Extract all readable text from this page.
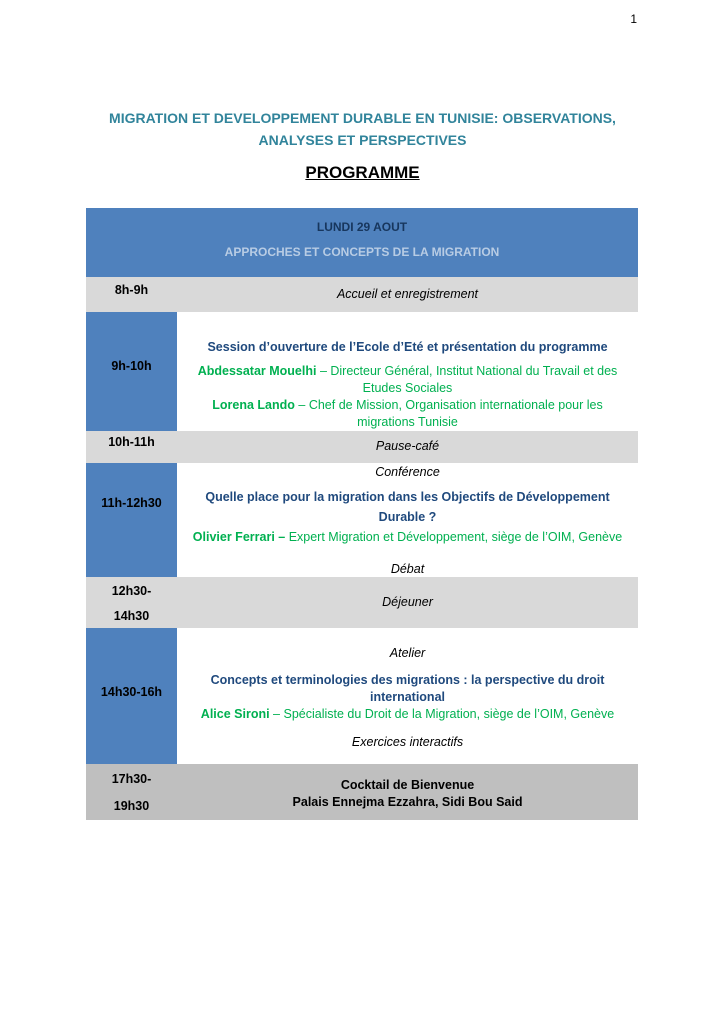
1
MIGRATION ET DEVELOPPEMENT DURABLE EN TUNISIE: OBSERVATIONS,
ANALYSES ET PERSPECTIVES
PROGRAMME
LUNDI 29 AOUT
APPROCHES ET CONCEPTS DE LA MIGRATION
8h-9h	Accueil et enregistrement
9h-10h
Session d’ouverture de l’Ecole d’Eté et présentation du programme
Abdessatar Mouelhi – Directeur Général, Institut National du Travail et des
Etudes Sociales
Lorena Lando – Chef de Mission, Organisation internationale pour les
migrations Tunisie
10h-11h	Pause-café
11h-12h30
Conférence
Quelle place pour la migration dans les Objectifs de Développement
Durable ?
Olivier Ferrari – Expert Migration et Développement, siège de l’OIM, Genève
Débat
12h30-
14h30
Déjeuner
14h30-16h
Atelier
Concepts et terminologies des migrations : la perspective du droit
international
Alice Sironi – Spécialiste du Droit de la Migration, siège de l’OIM, Genève
Exercices interactifs
17h30-
19h30
Cocktail de Bienvenue
Palais Ennejma Ezzahra, Sidi Bou Said
